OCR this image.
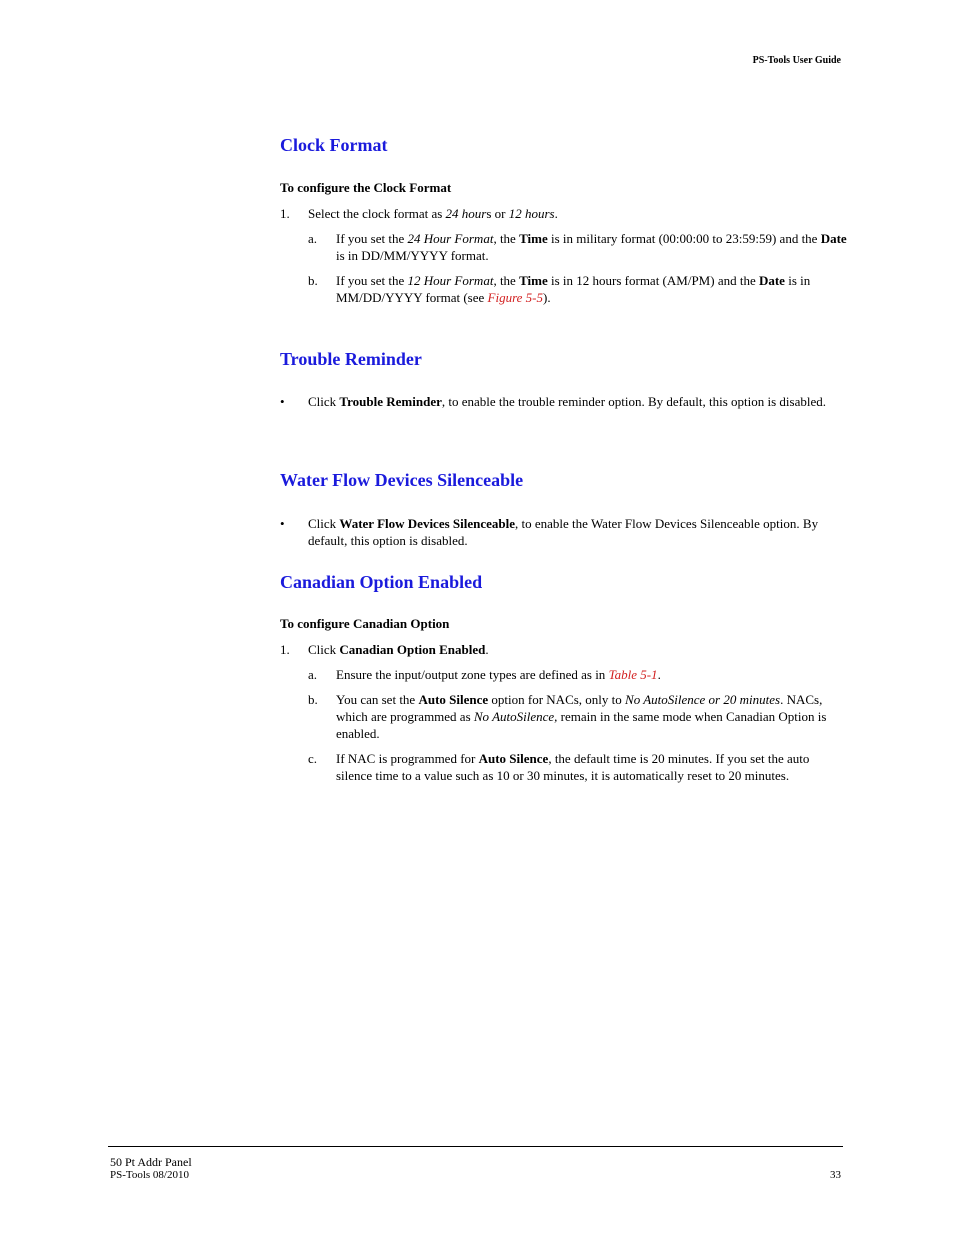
PS-Tools User Guide
Clock Format
To configure the Clock Format
1. Select the clock format as 24 hours or 12 hours.
a. If you set the 24 Hour Format, the Time is in military format (00:00:00 to 23:59:59) and the Date is in DD/MM/YYYY format.
b. If you set the 12 Hour Format, the Time is in 12 hours format (AM/PM) and the Date is in MM/DD/YYYY format (see Figure 5-5).
Trouble Reminder
• Click Trouble Reminder, to enable the trouble reminder option. By default, this option is disabled.
Water Flow Devices Silenceable
• Click Water Flow Devices Silenceable, to enable the Water Flow Devices Silenceable option. By default, this option is disabled.
Canadian Option Enabled
To configure Canadian Option
1. Click Canadian Option Enabled.
a. Ensure the input/output zone types are defined as in Table 5-1.
b. You can set the Auto Silence option for NACs, only to No AutoSilence or 20 minutes. NACs, which are programmed as No AutoSilence, remain in the same mode when Canadian Option is enabled.
c. If NAC is programmed for Auto Silence, the default time is 20 minutes. If you set the auto silence time to a value such as 10 or 30 minutes, it is automatically reset to 20 minutes.
50 Pt Addr Panel
PS-Tools 08/2010	33
